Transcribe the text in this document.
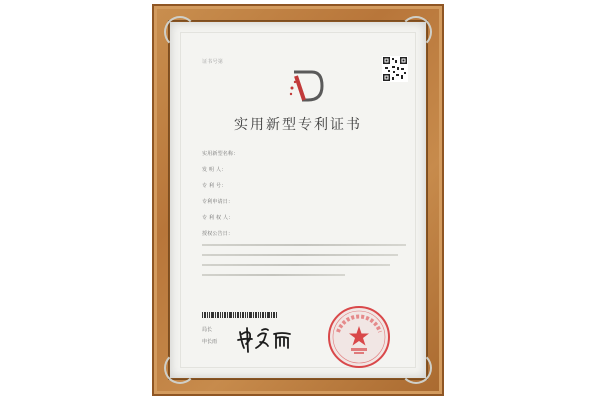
证书号第
实用新型专利证书
实用新型名称：
发 明 人：
专 利 号：
专利申请日：
专 利 权 人：
授权公告日：
局长
申长雨
